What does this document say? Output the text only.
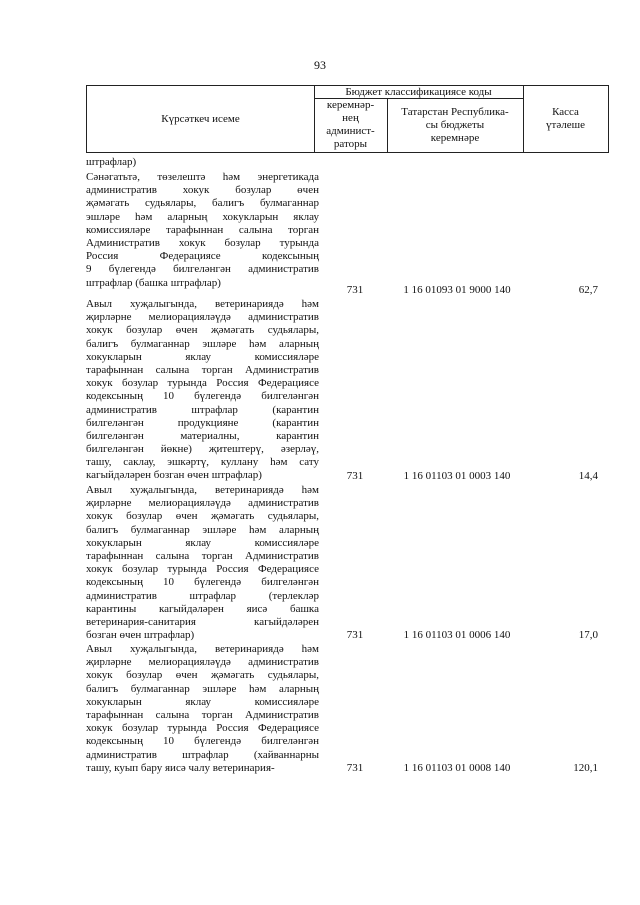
93
Күрсәткеч исеме
Бюджет классификациясе коды
керемнәр-
нең
админист-
раторы
Татарстан Республика-
сы бюджеты
керемнәре
Касса
үтәлеше
штрафлар)
Сәнәгатьтә, төзелештә һәм энергетикада
административ хокук бозулар өчен
җәмәгать судьялары, балигъ булмаганнар
эшләре һәм аларның хокукларын яклау
комиссияләре тарафыннан салына торган
Административ хокук бозулар турында
Россия Федерациясе кодексының
9 бүлегендә билгеләнгән административ
штрафлар (башка штрафлар)
731	1 16 01093 01 9000 140	62,7
Авыл хуҗалыгында, ветеринариядә һәм
җирләрне мелиорацияләүдә административ
хокук бозулар өчен җәмәгать судьялары,
балигъ булмаганнар эшләре һәм аларның
хокукларын яклау комиссияләре
тарафыннан салына торган Административ
хокук бозулар турында Россия Федерациясе
кодексының 10 бүлегендә билгеләнгән
административ штрафлар (карантин
билгеләнгән продукцияне (карантин
билгеләнгән материалны, карантин
билгеләнгән йөкне) җитештерү, әзерләү,
ташу, саклау, эшкәртү, куллану һәм сату
кагыйдәләрен бозган өчен штрафлар)	731	1 16 01103 01 0003 140	14,4
Авыл хуҗалыгында, ветеринариядә һәм
җирләрне мелиорацияләүдә административ
хокук бозулар өчен җәмәгать судьялары,
балигъ булмаганнар эшләре һәм аларның
хокукларын яклау комиссияләре
тарафыннан салына торган Административ
хокук бозулар турында Россия Федерациясе
кодексының 10 бүлегендә билгеләнгән
административ штрафлар (терлекләр
карантины кагыйдәләрен яисә башка
ветеринария-санитария кагыйдәләрен
бозган өчен штрафлар)	731	1 16 01103 01 0006 140	17,0
Авыл хуҗалыгында, ветеринариядә һәм
җирләрне мелиорацияләүдә административ
хокук бозулар өчен җәмәгать судьялары,
балигъ булмаганнар эшләре һәм аларның
хокукларын яклау комиссияләре
тарафыннан салына торган Административ
хокук бозулар турында Россия Федерациясе
кодексының 10 бүлегендә билгеләнгән
административ штрафлар (хайваннарны
ташу, куып бару яисә чалу ветеринария-	731	1 16 01103 01 0008 140	120,1
